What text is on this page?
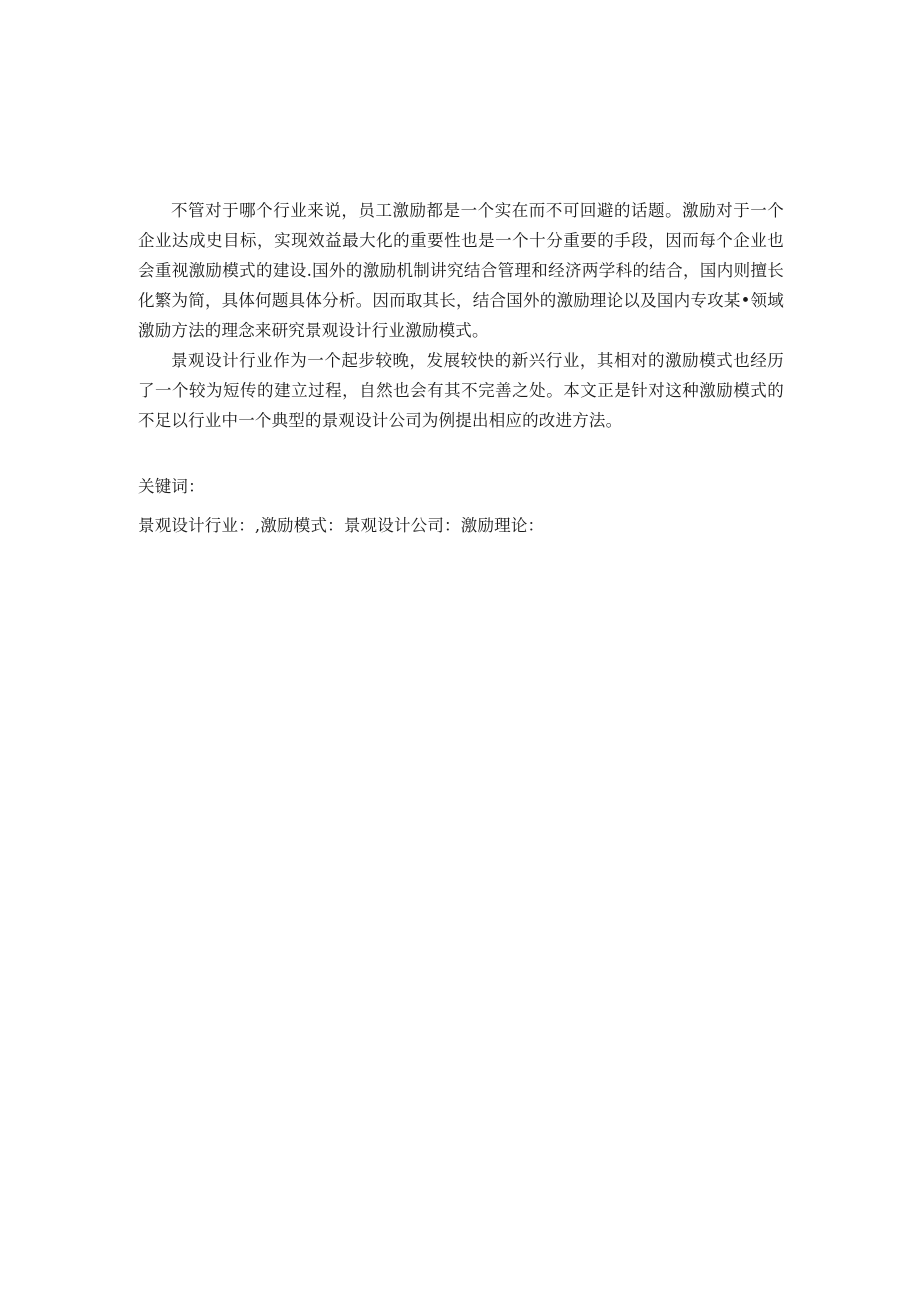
不管对于哪个行业来说，员工激励都是一个实在而不可回避的话题。激励对于一个企业达成史目标，实现效益最大化的重要性也是一个十分重要的手段，因而每个企业也会重视激励模式的建设.国外的激励机制讲究结合管理和经济两学科的结合，国内则擅长化繁为简，具体何题具体分析。因而取其长，结合国外的激励理论以及国内专攻某•领域激励方法的理念来研究景观设计行业激励模式。

景观设计行业作为一个起步较晚，发展较快的新兴行业，其相对的激励模式也经历了一个较为短传的建立过程，自然也会有其不完善之处。本文正是针对这种激励模式的不足以行业中一个典型的景观设计公司为例提出相应的改进方法。

关键词：

景观设计行业：,激励模式：景观设计公司：激励理论：
